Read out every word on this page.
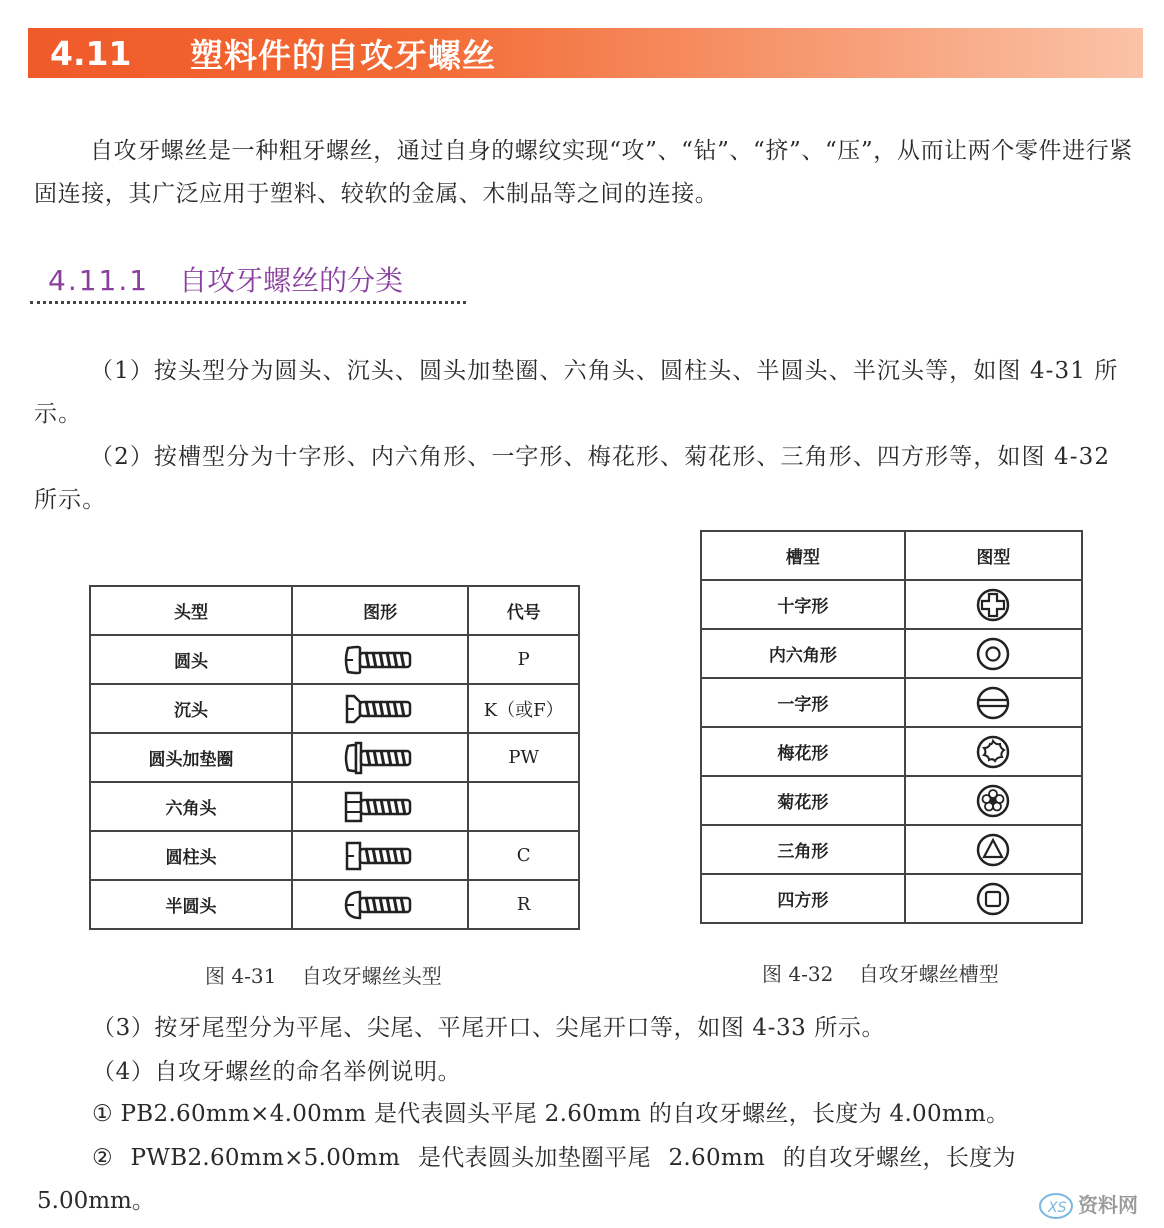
4.11	塑料件的自攻牙螺丝

自攻牙螺丝是一种粗牙螺丝，通过自身的螺纹实现“攻”、“钻”、“挤”、“压”，从而让两个零件进行紧固连接，其广泛应用于塑料、较软的金属、木制品等之间的连接。

4.11.1 自攻牙螺丝的分类

（1）按头型分为圆头、沉头、圆头加垫圈、六角头、圆柱头、半圆头、半沉头等，如图 4-31 所示。

（2）按槽型分为十字形、内六角形、一字形、梅花形、菊花形、三角形、四方形等，如图 4-32 所示。

头型	图形	代号
圆头		P
沉头		K（或F）
圆头加垫圈		PW
六角头	

圆柱头		C
半圆头		R
槽型	图型
十字形	

内六角形	

一字形	

梅花形	

菊花形	

三角形	

四方形	
图 4-31    自攻牙螺丝头型	图 4-32    自攻牙螺丝槽型

（3）按牙尾型分为平尾、尖尾、平尾开口、尖尾开口等，如图 4-33 所示。

（4）自攻牙螺丝的命名举例说明。

① PB2.60mm×4.00mm 是代表圆头平尾 2.60mm 的自攻牙螺丝，长度为 4.00mm。

② PWB2.60mm×5.00mm 是代表圆头加垫圈平尾 2.60mm 的自攻牙螺丝，长度为

5.00mm。	XS 资料网
